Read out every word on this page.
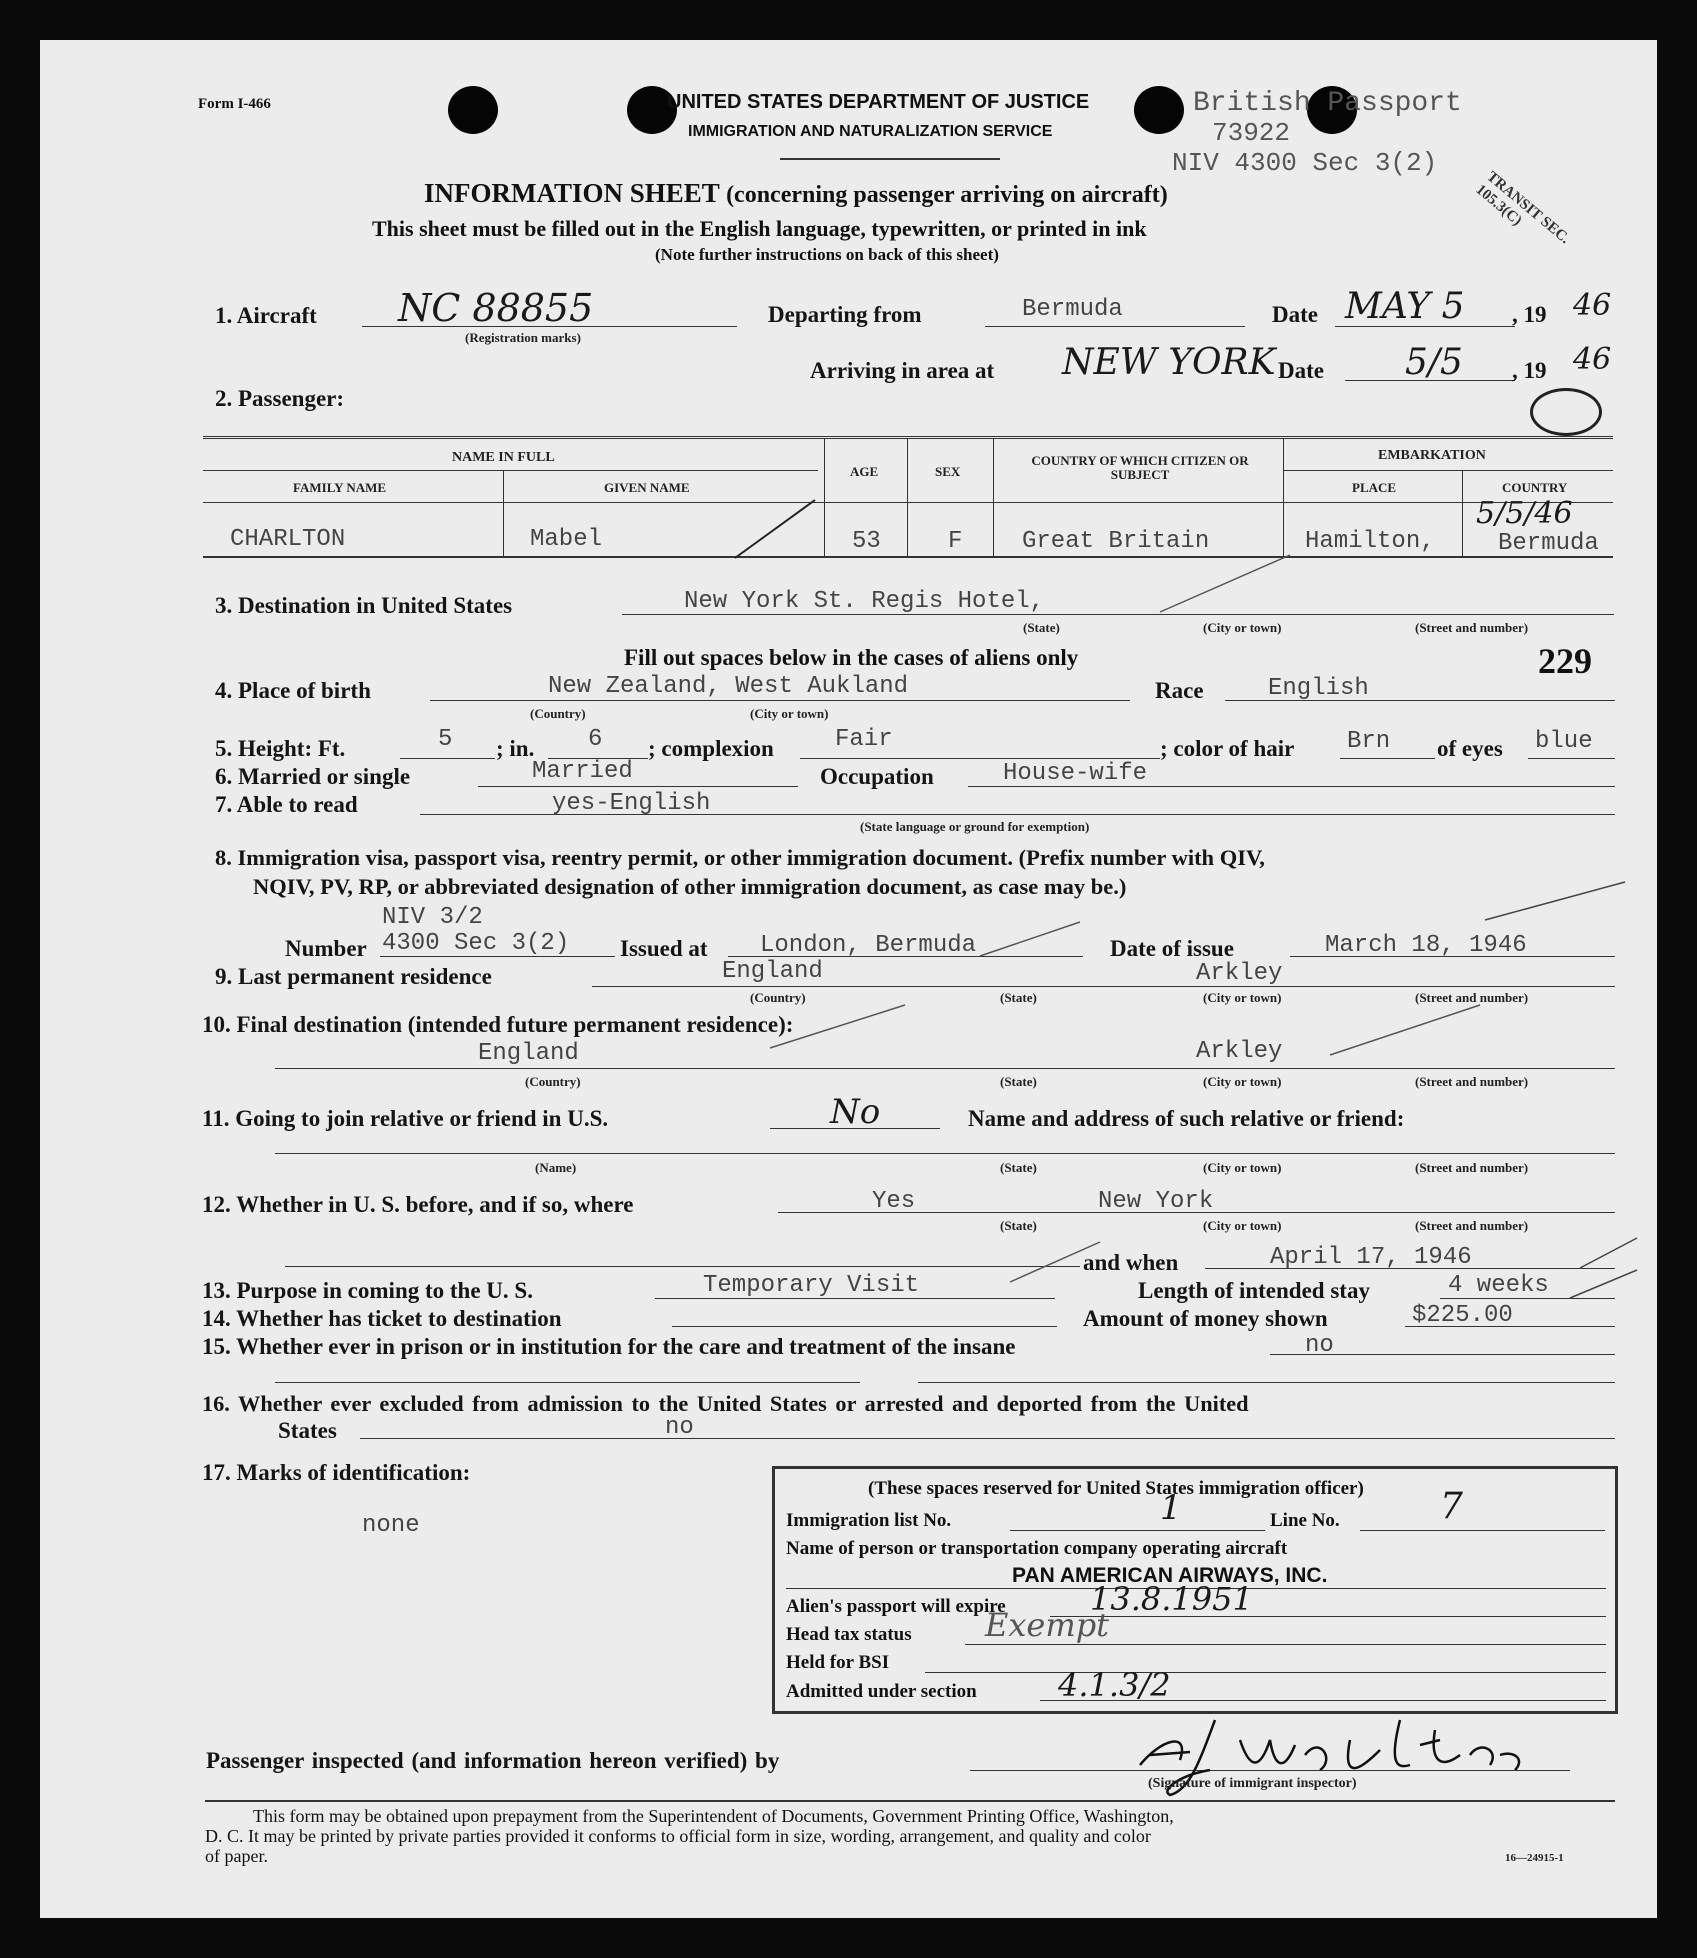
Form I-466	UNITED STATES DEPARTMENT OF JUSTICE
IMMIGRATION AND NATURALIZATION SERVICE
British Passport
73922
NIV 4300 Sec 3(2)
TRANSIT SEC. 105.3(C)
INFORMATION SHEET (concerning passenger arriving on aircraft)
This sheet must be filled out in the English language, typewritten, or printed in ink
(Note further instructions on back of this sheet)
1. Aircraft NC 88855
(Registration marks)
Departing from	Bermuda	Date MAY 5 , 19 46
Arriving in area at NEW YORK Date 5/5 , 19 46
2. Passenger:
NAME IN FULL
FAMILY NAME	GIVEN NAME
AGE	SEX
COUNTRY OF WHICH CITIZEN OR SUBJECT
EMBARKATION
PLACE	COUNTRY
CHARLTON	Mabel	53	F Great Britain	Hamilton,	Bermuda
5/5/46
3. Destination in United States	New York St. Regis Hotel,
(State)	(City or town)	(Street and number)
Fill out spaces below in the cases of aliens only	229
4. Place of birth	New Zealand, West Aukland
(Country)	(City or town)
Race	English
5. Height: Ft.	5 ; in. 6 ; complexion	Fair	; color of hair Brn of eyes blue
6. Married or single	Married	Occupation	House-wife
7. Able to read	yes-English
(State language or ground for exemption)
8. Immigration visa, passport visa, reentry permit, or other immigration document. (Prefix number with QIV,
NQIV, PV, RP, or abbreviated designation of other immigration document, as case may be.)
NIV 3/2
Number 4300 Sec 3(2) Issued at London, Bermuda	Date of issue	March 18, 1946
9. Last permanent residence	England	Arkley
(Country)	(State)	(City or town)	(Street and number)
10. Final destination (intended future permanent residence):
England	Arkley
(Country)	(State)	(City or town)	(Street and number)
11. Going to join relative or friend in U.S.	No	Name and address of such relative or friend:
(Name)	(State)	(City or town)	(Street and number)
12. Whether in U. S. before, and if so, where	Yes	New York
(State)	(City or town)	(Street and number)
and when	April 17, 1946
13. Purpose in coming to the U. S.	Temporary Visit	Length of intended stay	4 weeks
14. Whether has ticket to destination	Amount of money shown	$225.00
15. Whether ever in prison or in institution for the care and treatment of the insane	no
16. Whether ever excluded from admission to the United States or arrested and deported from the United
States	no
17. Marks of identification:
none
(These spaces reserved for United States immigration officer)
Immigration list No.	1	Line No.	7
Name of person or transportation company operating aircraft
PAN AMERICAN AIRWAYS, INC.
Alien's passport will expire	13.8.1951
Head tax status Exempt
Held for BSI
Admitted under section	4.1.3/2
Passenger inspected (and information hereon verified) by
(Signature of immigrant inspector)
This form may be obtained upon prepayment from the Superintendent of Documents, Government Printing Office, Washington,
D. C. It may be printed by private parties provided it conforms to official form in size, wording, arrangement, and quality and color
of paper.	16—24915-1
